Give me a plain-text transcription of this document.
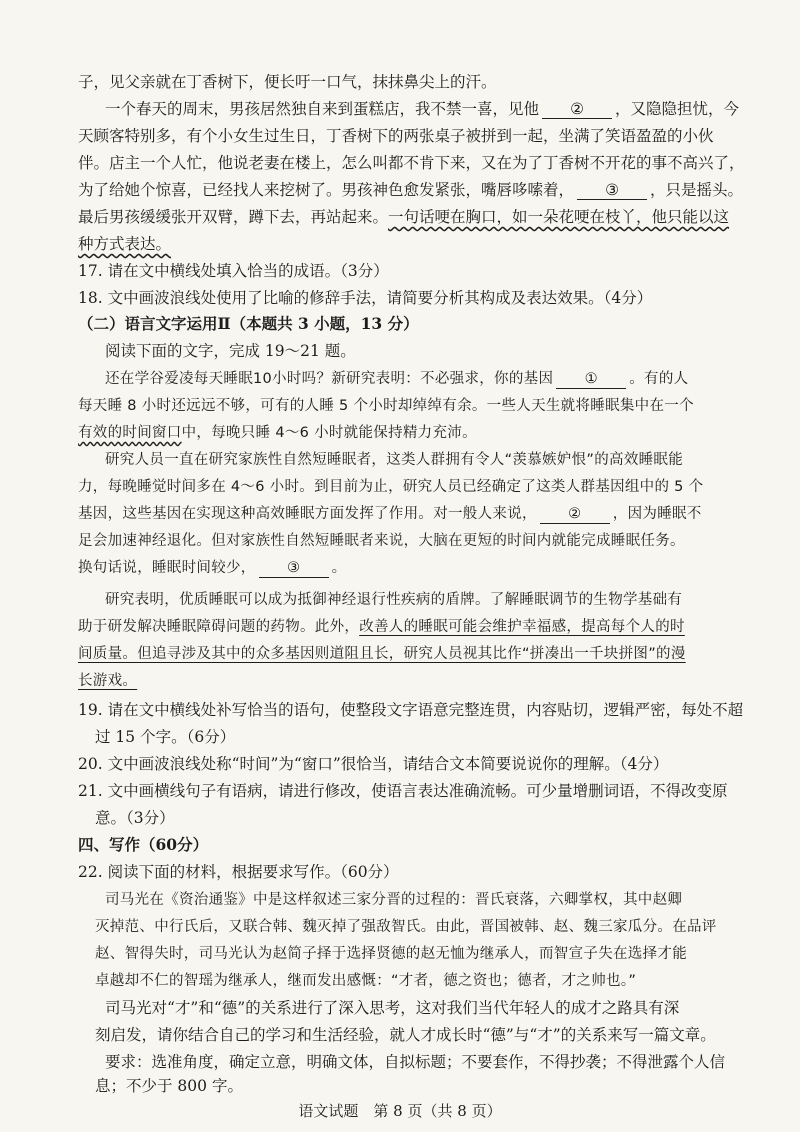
子，见父亲就在丁香树下，便长吁一口气，抹抹鼻尖上的汗。
一个春天的周末，男孩居然独自来到蛋糕店，我不禁一喜，见他 ② ，又隐隐担忧，今
天顾客特别多，有个小女生过生日，丁香树下的两张桌子被拼到一起，坐满了笑语盈盈的小伙
伴。店主一个人忙，他说老妻在楼上，怎么叫都不肯下来，又在为了丁香树不开花的事不高兴了，
为了给她个惊喜，已经找人来挖树了。男孩神色愈发紧张，嘴唇哆嗦着， ③ ，只是摇头。
最后男孩缓缓张开双臂，蹲下去，再站起来。一句话哽在胸口，如一朵花哽在枝丫，他只能以这
种方式表达。
17. 请在文中横线处填入恰当的成语。（3分）
18. 文中画波浪线处使用了比喻的修辞手法，请简要分析其构成及表达效果。（4分）
（二）语言文字运用Ⅱ（本题共 3 小题，13 分）
阅读下面的文字，完成 19～21 题。
还在学谷爱凌每天睡眠10小时吗？新研究表明：不必强求，你的基因 ① 。有的人
每天睡 8 小时还远远不够，可有的人睡 5 个小时却绰绰有余。一些人天生就将睡眠集中在一个
有效的时间窗口中，每晚只睡 4～6 小时就能保持精力充沛。
研究人员一直在研究家族性自然短睡眠者，这类人群拥有令人“羡慕嫉妒恨”的高效睡眠能
力，每晚睡觉时间多在 4～6 小时。到目前为止，研究人员已经确定了这类人群基因组中的 5 个
基因，这些基因在实现这种高效睡眠方面发挥了作用。对一般人来说， ② ，因为睡眠不
足会加速神经退化。但对家族性自然短睡眠者来说，大脑在更短的时间内就能完成睡眠任务。
换句话说，睡眠时间较少， ③ 。
研究表明，优质睡眠可以成为抵御神经退行性疾病的盾牌。了解睡眠调节的生物学基础有
助于研发解决睡眠障碍问题的药物。此外，改善人的睡眠可能会维护幸福感，提高每个人的时
间质量。但追寻涉及其中的众多基因则道阻且长，研究人员视其比作“拼凑出一千块拼图”的漫
长游戏。
19. 请在文中横线处补写恰当的语句，使整段文字语意完整连贯，内容贴切，逻辑严密，每处不超
过 15 个字。（6分）
20. 文中画波浪线处称“时间”为“窗口”很恰当，请结合文本简要说说你的理解。（4分）
21. 文中画横线句子有语病，请进行修改，使语言表达准确流畅。可少量增删词语，不得改变原
意。（3分）
四、写作（60分）
22. 阅读下面的材料，根据要求写作。（60分）
司马光在《资治通鉴》中是这样叙述三家分晋的过程的：晋氏衰落，六卿掌权，其中赵卿
灭掉范、中行氏后，又联合韩、魏灭掉了强敌智氏。由此，晋国被韩、赵、魏三家瓜分。在品评
赵、智得失时，司马光认为赵简子择于选择贤德的赵无恤为继承人，而智宣子失在选择才能
卓越却不仁的智瑶为继承人，继而发出感慨：“才者，德之资也；德者，才之帅也。”
司马光对“才”和“德”的关系进行了深入思考，这对我们当代年轻人的成才之路具有深
刻启发，请你结合自己的学习和生活经验，就人才成长时“德”与“才”的关系来写一篇文章。
语文试题　第 8 页（共 8 页）
要求：选准角度，确定立意，明确文体，自拟标题；不要套作，不得抄袭；不得泄露个人信
息；不少于 800 字。
